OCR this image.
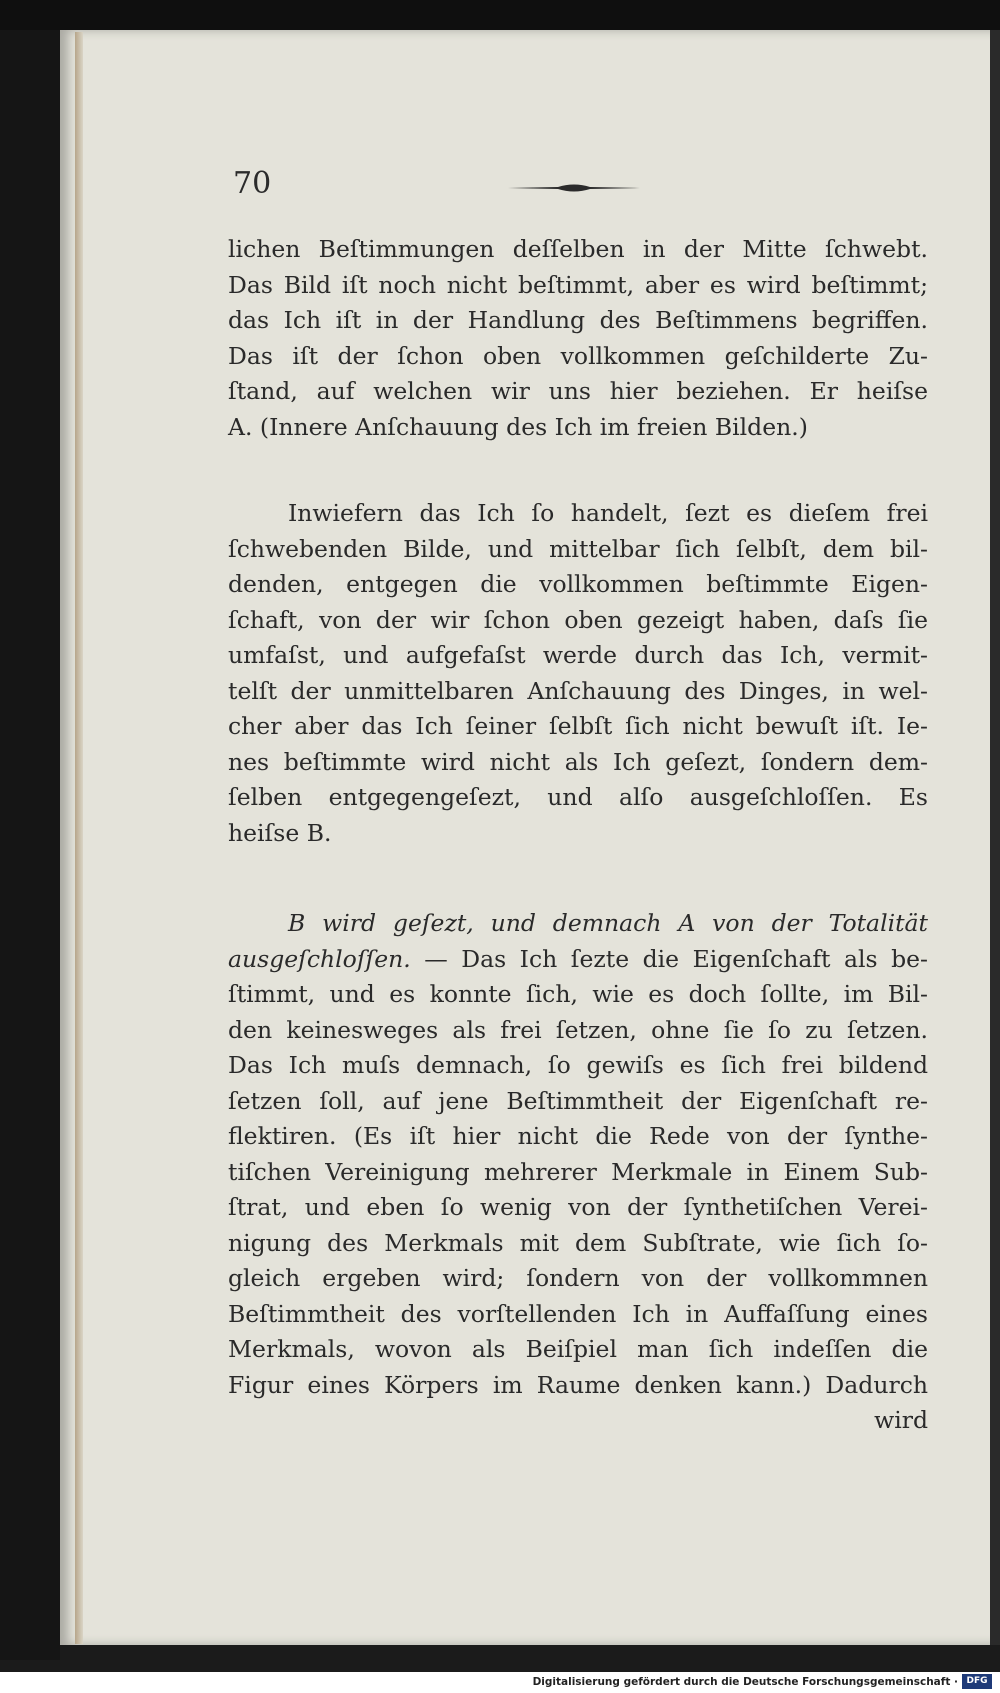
70
lichen Beſtimmungen deſſelben in der Mitte ſchwebt.
Das Bild iſt noch nicht beſtimmt, aber es wird beſtimmt;
das Ich iſt in der Handlung des Beſtimmens begriffen.
Das iſt der ſchon oben vollkommen geſchilderte Zu-
ſtand, auf welchen wir uns hier beziehen. Er heiſse
A. (Innere Anſchauung des Ich im freien Bilden.)
Inwiefern das Ich ſo handelt, ſezt es dieſem frei
ſchwebenden Bilde, und mittelbar ſich ſelbſt, dem bil-
denden, entgegen die vollkommen beſtimmte Eigen-
ſchaft, von der wir ſchon oben gezeigt haben, daſs ſie
umfaſst, und aufgefaſst werde durch das Ich, vermit-
telſt der unmittelbaren Anſchauung des Dinges, in wel-
cher aber das Ich ſeiner ſelbſt ſich nicht bewuſt iſt. Ie-
nes beſtimmte wird nicht als Ich geſezt, ſondern dem-
ſelben entgegengeſezt, und alſo ausgeſchloſſen. Es
heiſse B.
B wird geſezt, und demnach A von der Totalität
ausgeſchloſſen. — Das Ich ſezte die Eigenſchaft als be-
ſtimmt, und es konnte ſich, wie es doch ſollte, im Bil-
den keinesweges als frei ſetzen, ohne ſie ſo zu ſetzen.
Das Ich muſs demnach, ſo gewiſs es ſich frei bildend
ſetzen ſoll, auf jene Beſtimmtheit der Eigenſchaft re-
flektiren. (Es iſt hier nicht die Rede von der ſynthe-
tiſchen Vereinigung mehrerer Merkmale in Einem Sub-
ſtrat, und eben ſo wenig von der ſynthetiſchen Verei-
nigung des Merkmals mit dem Subſtrate, wie ſich ſo-
gleich ergeben wird; ſondern von der vollkommnen
Beſtimmtheit des vorſtellenden Ich in Auffaſſung eines
Merkmals, wovon als Beiſpiel man ſich indeſſen die
Figur eines Körpers im Raume denken kann.) Dadurch
wird
Digitalisierung gefördert durch die Deutsche Forschungsgemeinschaft · DFG
